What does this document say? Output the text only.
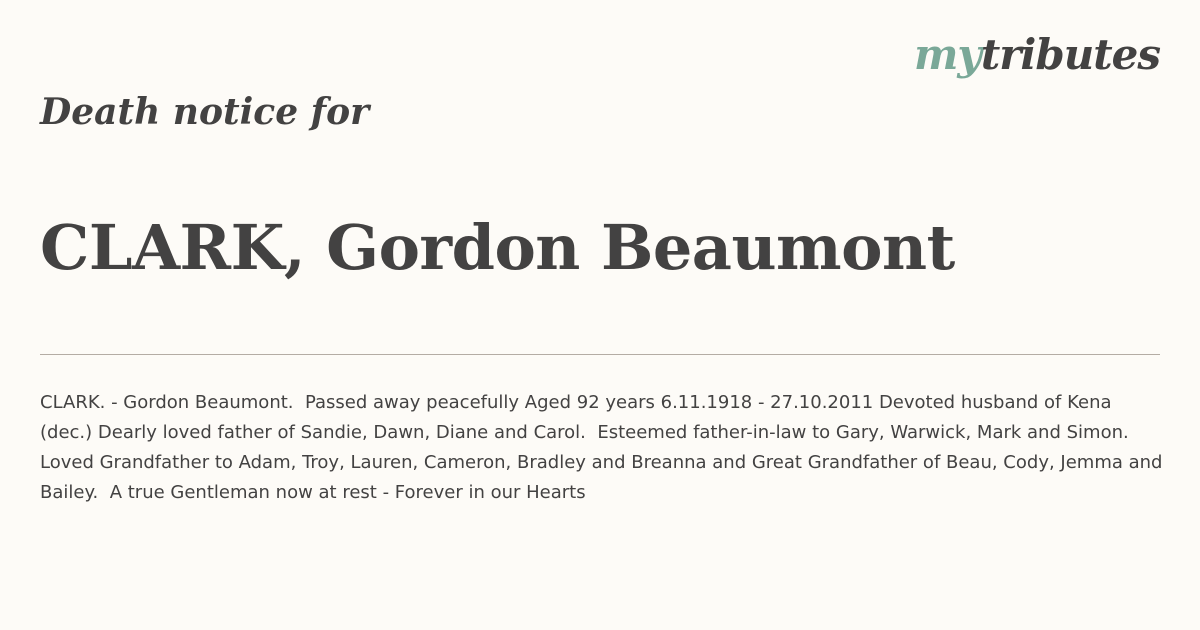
mytributes
Death notice for
CLARK, Gordon Beaumont

CLARK. - Gordon Beaumont.  Passed away peacefully Aged 92 years 6.11.1918 - 27.10.2011 Devoted husband of Kena (dec.) Dearly loved father of Sandie, Dawn, Diane and Carol.  Esteemed father-in-law to Gary, Warwick, Mark and Simon.  Loved Grandfather to Adam, Troy, Lauren, Cameron, Bradley and Breanna and Great Grandfather of Beau, Cody, Jemma and Bailey.  A true Gentleman now at rest - Forever in our Hearts
